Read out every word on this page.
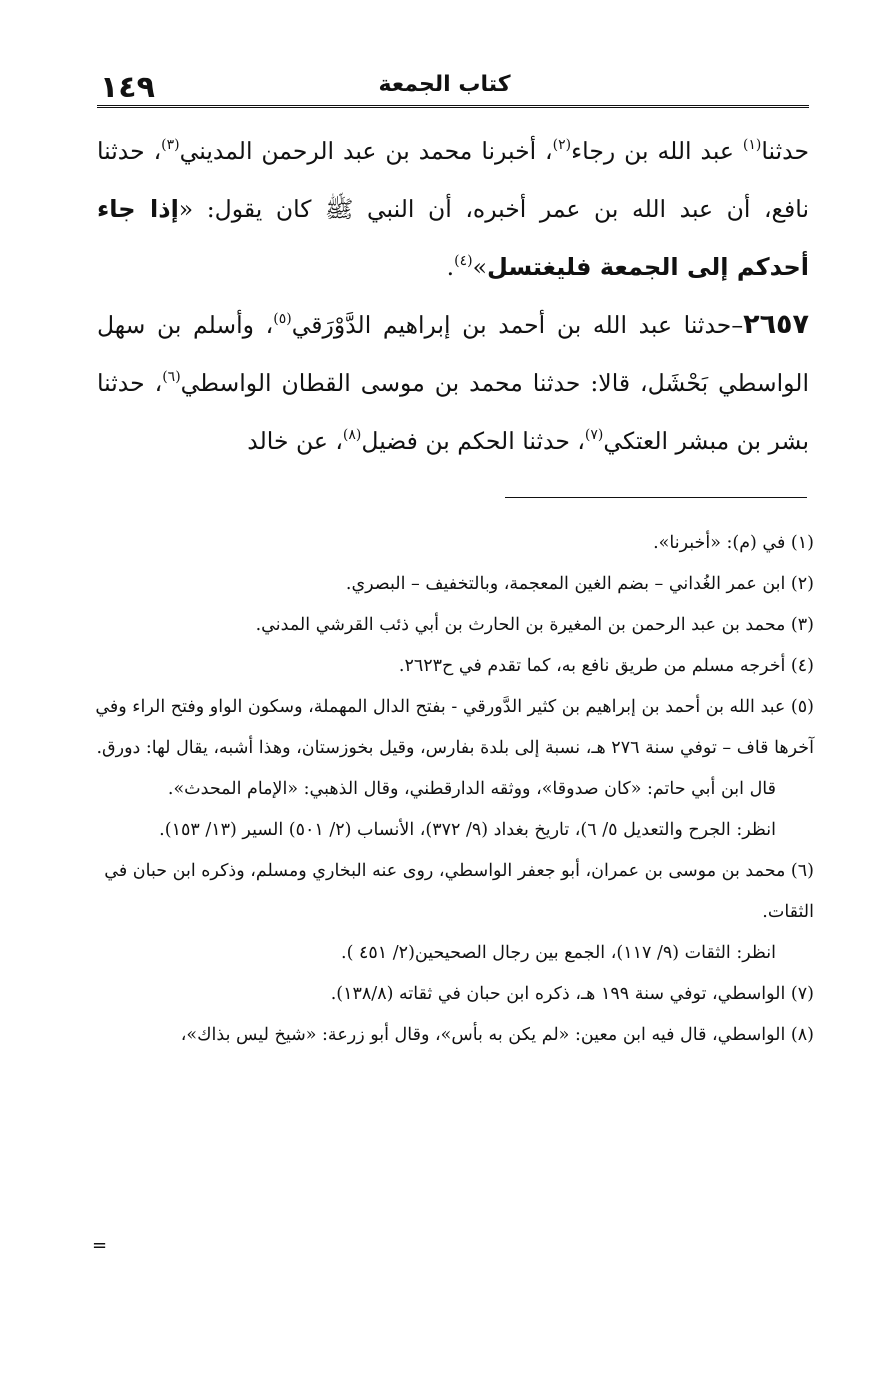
١٤٩	كتاب الجمعة

حدثنا$^{(١)}$ عبد الله بن رجاء$^{(٢)}$، أخبرنا محمد بن عبد الرحمن المديني$^{(٣)}$، حدثنا نافع، أن عبد الله بن عمر أخبره، أن النبي ﷺ كان يقول: «إذا جاء أحدكم إلى الجمعة فليغتسل»$^{(٤)}$.

٢٦٥٧–حدثنا عبد الله بن أحمد بن إبراهيم الدَّوْرَقي$^{(٥)}$، وأسلم بن سهل الواسطي بَحْشَل، قالا: حدثنا محمد بن موسى القطان الواسطي$^{(٦)}$، حدثنا بشر بن مبشر العتكي$^{(٧)}$، حدثنا الحكم بن فضيل$^{(٨)}$، عن خالد

(١) في (م): «أخبرنا».

(٢) ابن عمر الغُداني – بضم الغين المعجمة، وبالتخفيف – البصري.

(٣) محمد بن عبد الرحمن بن المغيرة بن الحارث بن أبي ذئب القرشي المدني.

(٤) أخرجه مسلم من طريق نافع به، كما تقدم في ح٢٦٢٣.

(٥) عبد الله بن أحمد بن إبراهيم بن كثير الدَّورقي - بفتح الدال المهملة، وسكون الواو وفتح الراء وفي آخرها قاف – توفي سنة ٢٧٦ هـ، نسبة إلى بلدة بفارس، وقيل بخوزستان، وهذا أشبه، يقال لها: دورق.

قال ابن أبي حاتم: «كان صدوقا»، ووثقه الدارقطني، وقال الذهبي: «الإمام المحدث».

انظر: الجرح والتعديل ٥/ ٦)، تاريخ بغداد (٩/ ٣٧٢)، الأنساب (٢/ ٥٠١) السير (١٣/ ١٥٣).

(٦) محمد بن موسى بن عمران، أبو جعفر الواسطي، روى عنه البخاري ومسلم، وذكره ابن حبان في الثقات.

انظر: الثقات (٩/ ١١٧)، الجمع بين رجال الصحيحين(٢/ ٤٥١ ).

(٧) الواسطي، توفي سنة ١٩٩ هـ، ذكره ابن حبان في ثقاته (١٣٨/٨).

(٨) الواسطي، قال فيه ابن معين: «لم يكن به بأس»، وقال أبو زرعة: «شيخ ليس بذاك»،

=
